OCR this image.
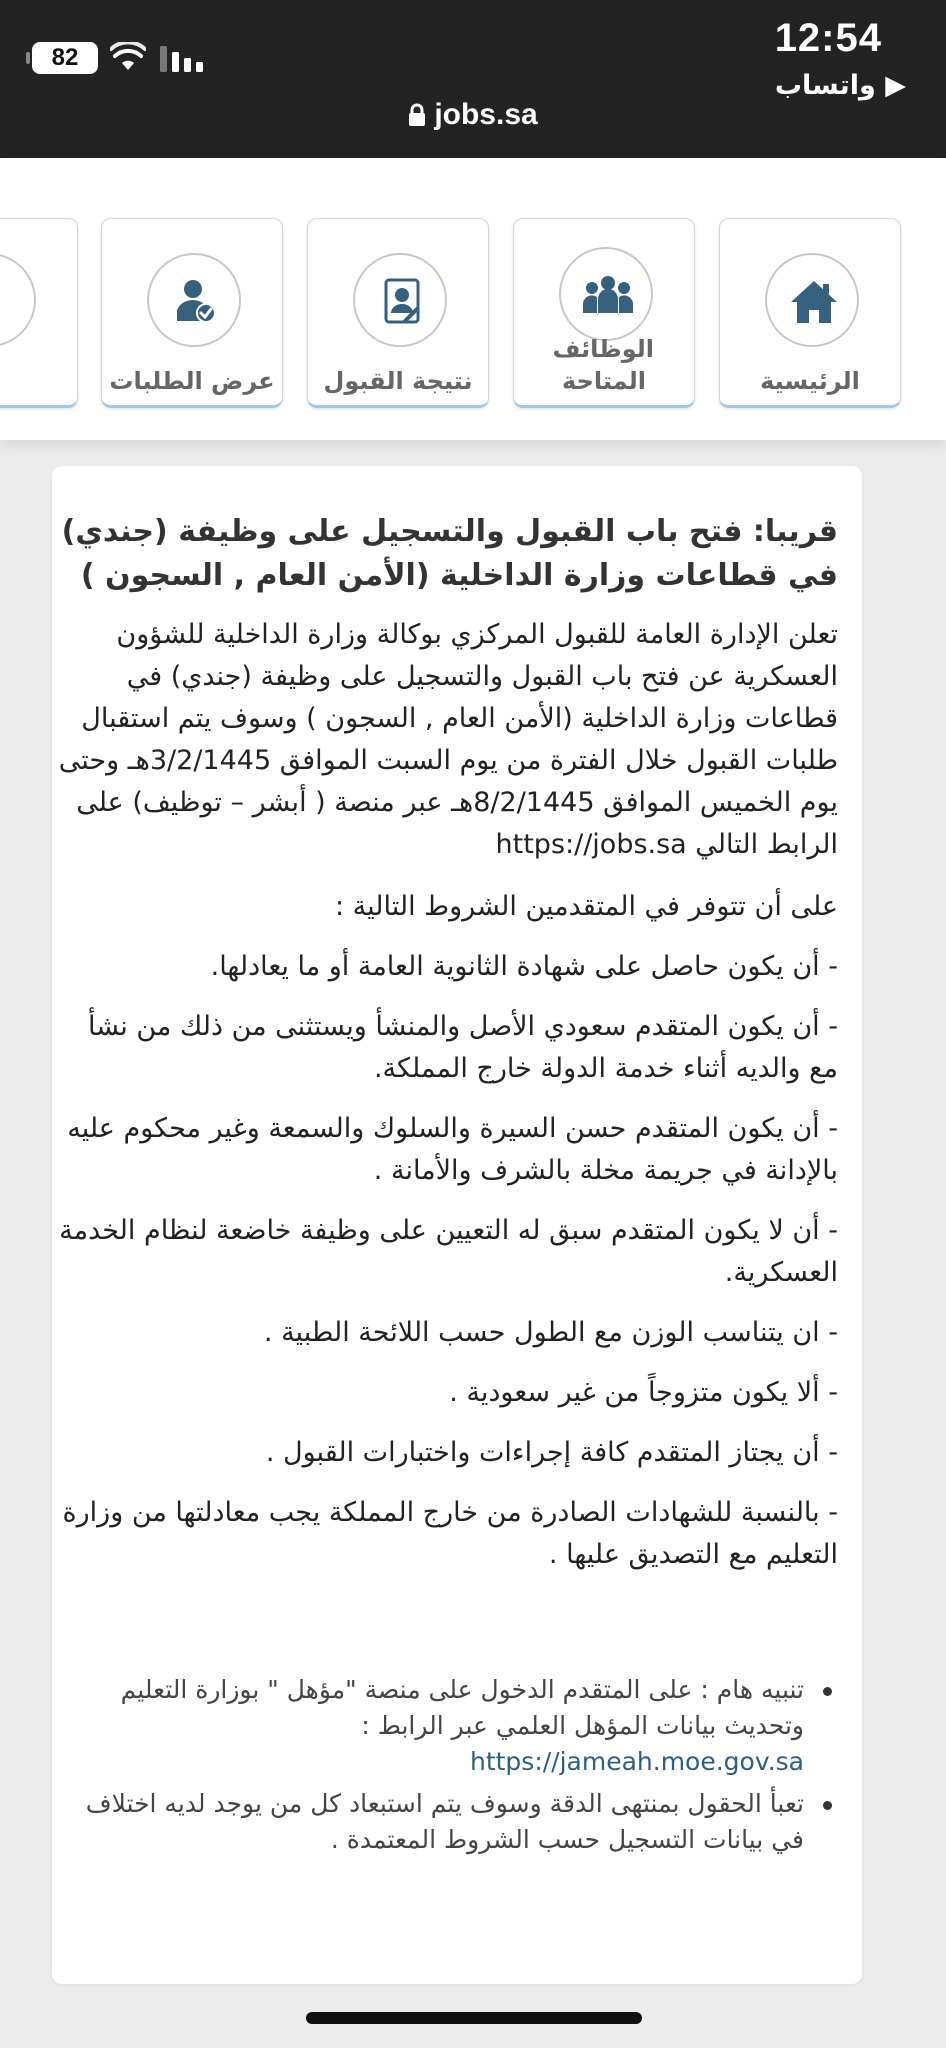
12:54
▶ واتساب
82
jobs.sa
الرئيسية
الوظائف المتاحة
نتيجة القبول
عرض الطلبات
قريبا: فتح باب القبول والتسجيل على وظيفة (جندي) في قطاعات وزارة الداخلية (الأمن العام , السجون )
تعلن الإدارة العامة للقبول المركزي بوكالة وزارة الداخلية للشؤون العسكرية عن فتح باب القبول والتسجيل على وظيفة (جندي) في قطاعات وزارة الداخلية (الأمن العام , السجون ) وسوف يتم استقبال طلبات القبول خلال الفترة من يوم السبت الموافق 3/2/1445هـ وحتى يوم الخميس الموافق 8/2/1445هـ عبر منصة ( أبشر – توظيف) على الرابط التالي https://jobs.sa
على أن تتوفر في المتقدمين الشروط التالية :
- أن يكون حاصل على شهادة الثانوية العامة أو ما يعادلها.
- أن يكون المتقدم سعودي الأصل والمنشأ ويستثنى من ذلك من نشأ مع والديه أثناء خدمة الدولة خارج المملكة.
- أن يكون المتقدم حسن السيرة والسلوك والسمعة وغير محكوم عليه بالإدانة في جريمة مخلة بالشرف والأمانة .
- أن لا يكون المتقدم سبق له التعيين على وظيفة خاضعة لنظام الخدمة العسكرية.
- ان يتناسب الوزن مع الطول حسب اللائحة الطبية .
- ألا يكون متزوجاً من غير سعودية .
- أن يجتاز المتقدم كافة إجراءات واختبارات القبول .
- بالنسبة للشهادات الصادرة من خارج المملكة يجب معادلتها من وزارة التعليم مع التصديق عليها .
تنبيه هام : على المتقدم الدخول على منصة "مؤهل " بوزارة التعليم وتحديث بيانات المؤهل العلمي عبر الرابط :
https://jameah.moe.gov.sa
تعبأ الحقول بمنتهى الدقة وسوف يتم استبعاد كل من يوجد لديه اختلاف في بيانات التسجيل حسب الشروط المعتمدة .
